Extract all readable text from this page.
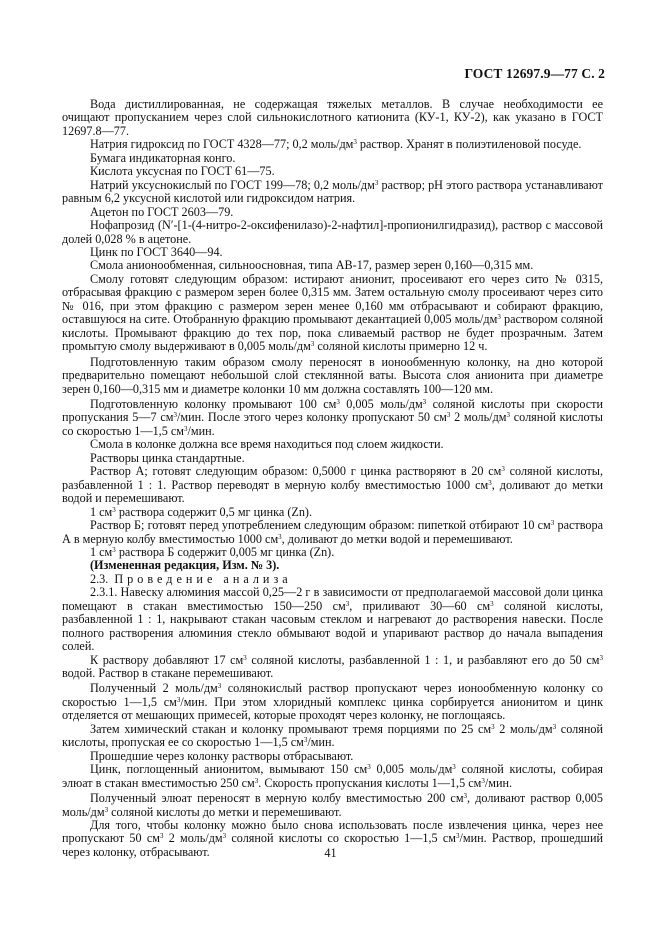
ГОСТ 12697.9—77 С. 2

Вода дистиллированная, не содержащая тяжелых металлов. В случае необходимости ее очищают пропусканием через слой сильнокислотного катионита (КУ-1, КУ-2), как указано в ГОСТ 12697.8—77.

Натрия гидроксид по ГОСТ 4328—77; 0,2 моль/$дм^3$ раствор. Хранят в полиэтиленовой посуде.

Бумага индикаторная конго.

Кислота уксусная по ГОСТ 61—75.

Натрий уксуснокислый по ГОСТ 199—78; 0,2 моль/$дм^3$ раствор; pH этого раствора устанавливают равным 6,2 уксусной кислотой или гидроксидом натрия.

Ацетон по ГОСТ 2603—79.

Нофапрозид (N′-[1-(4-нитро-2-оксифенилазо)-2-нафтил]-пропионилгидразид), раствор с массовой долей 0,028 % в ацетоне.

Цинк по ГОСТ 3640—94.

Смола анионообменная, сильноосновная, типа АВ-17, размер зерен 0,160—0,315 мм.

Смолу готовят следующим образом: истирают анионит, просеивают его через сито № 0315, отбрасывая фракцию с размером зерен более 0,315 мм. Затем остальную смолу просеивают через сито № 016, при этом фракцию с размером зерен менее 0,160 мм отбрасывают и собирают фракцию, оставшуюся на сите. Отобранную фракцию промывают декантацией 0,005 моль/$дм^3$ раствором соляной кислоты. Промывают фракцию до тех пор, пока сливаемый раствор не будет прозрачным. Затем промытую смолу выдерживают в 0,005 моль/$дм^3$ соляной кислоты примерно 12 ч.

Подготовленную таким образом смолу переносят в ионообменную колонку, на дно которой предварительно помещают небольшой слой стеклянной ваты. Высота слоя анионита при диаметре зерен 0,160—0,315 мм и диаметре колонки 10 мм должна составлять 100—120 мм.

Подготовленную колонку промывают 100 $см^3$ 0,005 моль/$дм^3$ соляной кислоты при скорости пропускания 5—7 $см^3$/мин. После этого через колонку пропускают 50 $см^3$ 2 моль/$дм^3$ соляной кислоты со скоростью 1—1,5 $см^3$/мин.

Смола в колонке должна все время находиться под слоем жидкости.

Растворы цинка стандартные.

Раствор А; готовят следующим образом: 0,5000 г цинка растворяют в 20 $см^3$ соляной кислоты, разбавленной 1 : 1. Раствор переводят в мерную колбу вместимостью 1000 $см^3$, доливают до метки водой и перемешивают.

1 $см^3$ раствора содержит 0,5 мг цинка (Zn).

Раствор Б; готовят перед употреблением следующим образом: пипеткой отбирают 10 $см^3$ раствора А в мерную колбу вместимостью 1000 $см^3$, доливают до метки водой и перемешивают.

1 $см^3$ раствора Б содержит 0,005 мг цинка (Zn).

(Измененная редакция, Изм. № 3).

2.3. Проведение анализа

2.3.1. Навеску алюминия массой 0,25—2 г в зависимости от предполагаемой массовой доли цинка помещают в стакан вместимостью 150—250 $см^3$, приливают 30—60 $см^3$ соляной кислоты, разбавленной 1 : 1, накрывают стакан часовым стеклом и нагревают до растворения навески. После полного растворения алюминия стекло обмывают водой и упаривают раствор до начала выпадения солей.

К раствору добавляют 17 $см^3$ соляной кислоты, разбавленной 1 : 1, и разбавляют его до 50 $см^3$ водой. Раствор в стакане перемешивают.

Полученный 2 моль/$дм^3$ солянокислый раствор пропускают через ионообменную колонку со скоростью 1—1,5 $см^3$/мин. При этом хлоридный комплекс цинка сорбируется анионитом и цинк отделяется от мешающих примесей, которые проходят через колонку, не поглощаясь.

Затем химический стакан и колонку промывают тремя порциями по 25 $см^3$ 2 моль/$дм^3$ соляной кислоты, пропуская ее со скоростью 1—1,5 $см^3$/мин.

Прошедшие через колонку растворы отбрасывают.

Цинк, поглощенный анионитом, вымывают 150 $см^3$ 0,005 моль/$дм^3$ соляной кислоты, собирая элюат в стакан вместимостью 250 $см^3$. Скорость пропускания кислоты 1—1,5 $см^3$/мин.

Полученный элюат переносят в мерную колбу вместимостью 200 $см^3$, доливают раствор 0,005 моль/$дм^3$ соляной кислоты до метки и перемешивают.

Для того, чтобы колонку можно было снова использовать после извлечения цинка, через нее пропускают 50 $см^3$ 2 моль/$дм^3$ соляной кислоты со скоростью 1—1,5 $см^3$/мин. Раствор, прошедший через колонку, отбрасывают.	41
